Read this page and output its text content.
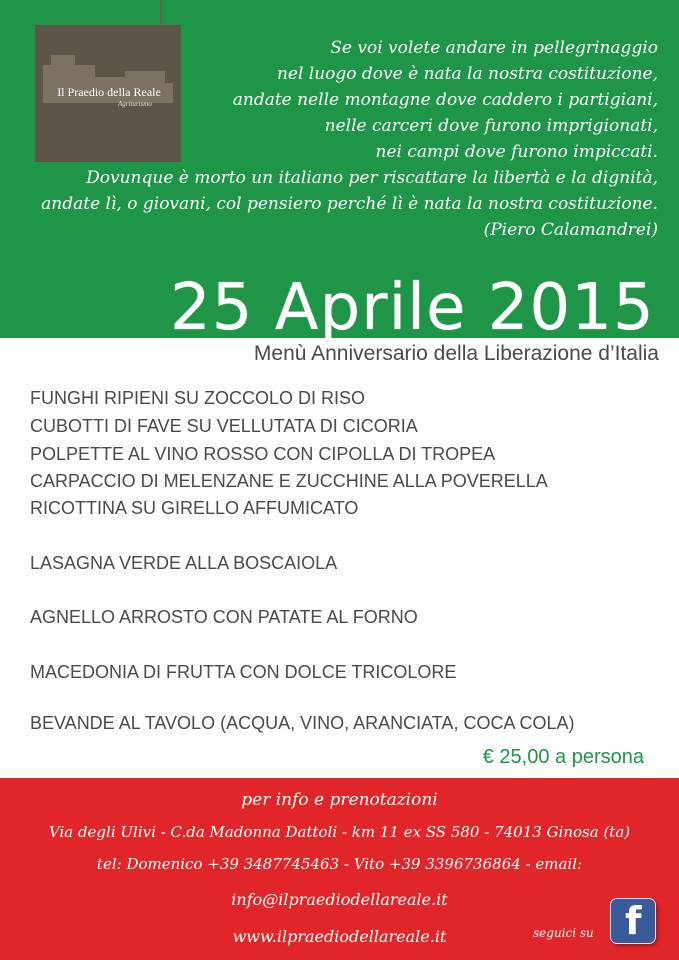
Il Praedio della Reale
Agriturismo
Se voi volete andare in pellegrinaggio
nel luogo dove è nata la nostra costituzione,
andate nelle montagne dove caddero i partigiani,
nelle carceri dove furono imprigionati,
nei campi dove furono impiccati.
Dovunque è morto un italiano per riscattare la libertà e la dignità,
andate lì, o giovani, col pensiero perché lì è nata la nostra costituzione.
(Piero Calamandrei)
25 Aprile 2015
Menù Anniversario della Liberazione d’Italia
FUNGHI RIPIENI SU ZOCCOLO DI RISO
CUBOTTI DI FAVE SU VELLUTATA DI CICORIA
POLPETTE AL VINO ROSSO CON CIPOLLA DI TROPEA
CARPACCIO DI MELENZANE E ZUCCHINE ALLA POVERELLA
RICOTTINA SU GIRELLO AFFUMICATO
LASAGNA VERDE ALLA BOSCAIOLA
AGNELLO ARROSTO CON PATATE AL FORNO
MACEDONIA DI FRUTTA CON DOLCE TRICOLORE
BEVANDE AL TAVOLO (ACQUA, VINO, ARANCIATA, COCA COLA)
€ 25,00 a persona
per info e prenotazioni
Via degli Ulivi - C.da Madonna Dattoli - km 11 ex SS 580 - 74013 Ginosa (ta)
tel: Domenico +39 3487745463 - Vito +39 3396736864 - email:
info@ilpraediodellareale.it
www.ilpraediodellareale.it	seguici su f
